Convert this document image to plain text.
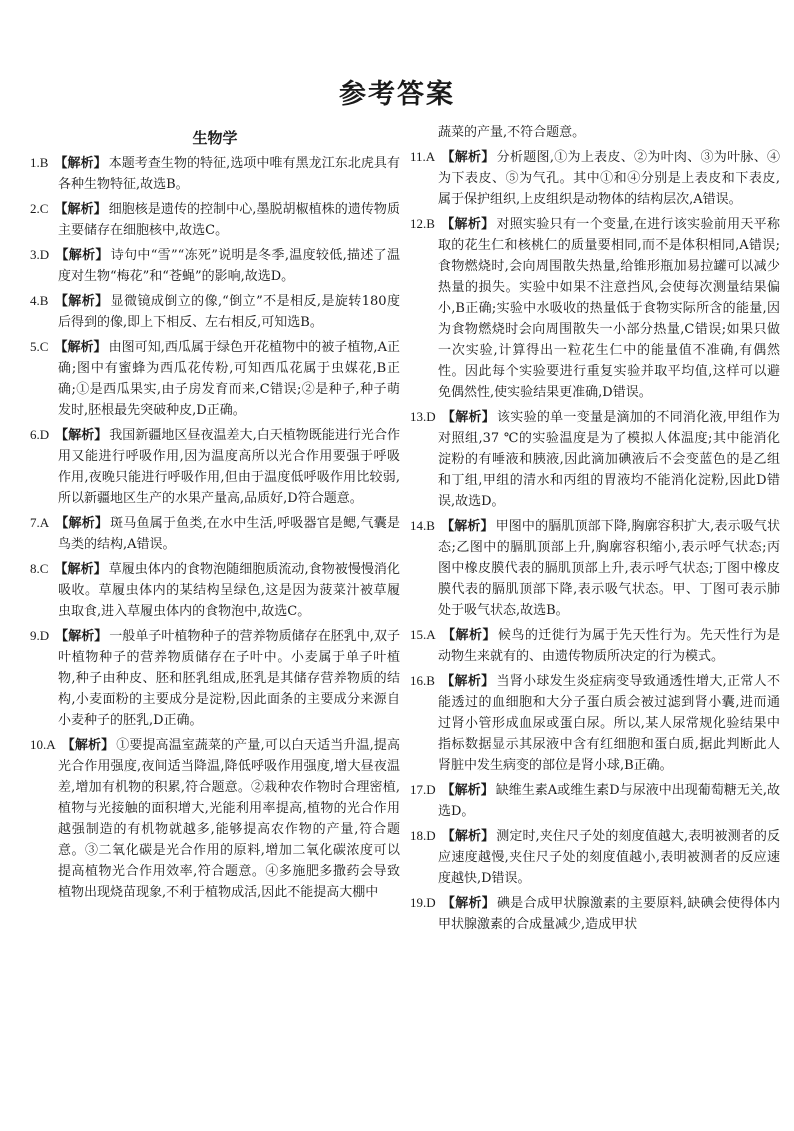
参考答案
生物学
1.B 【解析】 本题考查生物的特征,选项中唯有黑龙江东北虎具有各种生物特征,故选B。
2.C 【解析】 细胞核是遗传的控制中心,墨脱胡椒植株的遗传物质主要储存在细胞核中,故选C。
3.D 【解析】 诗句中“雪”“冻死”说明是冬季,温度较低,描述了温度对生物“梅花”和“苍蝇”的影响,故选D。
4.B 【解析】 显微镜成倒立的像,“倒立”不是相反,是旋转180度后得到的像,即上下相反、左右相反,可知选B。
5.C 【解析】 由图可知,西瓜属于绿色开花植物中的被子植物,A正确;图中有蜜蜂为西瓜花传粉,可知西瓜花属于虫媒花,B正确;①是西瓜果实,由子房发育而来,C错误;②是种子,种子萌发时,胚根最先突破种皮,D正确。
6.D 【解析】 我国新疆地区昼夜温差大,白天植物既能进行光合作用又能进行呼吸作用,因为温度高所以光合作用要强于呼吸作用,夜晚只能进行呼吸作用,但由于温度低呼吸作用比较弱,所以新疆地区生产的水果产量高,品质好,D符合题意。
7.A 【解析】 斑马鱼属于鱼类,在水中生活,呼吸器官是鳃,气囊是鸟类的结构,A错误。
8.C 【解析】 草履虫体内的食物泡随细胞质流动,食物被慢慢消化吸收。草履虫体内的某结构呈绿色,这是因为菠菜汁被草履虫取食,进入草履虫体内的食物泡中,故选C。
9.D 【解析】 一般单子叶植物种子的营养物质储存在胚乳中,双子叶植物种子的营养物质储存在子叶中。小麦属于单子叶植物,种子由种皮、胚和胚乳组成,胚乳是其储存营养物质的结构,小麦面粉的主要成分是淀粉,因此面条的主要成分来源自小麦种子的胚乳,D正确。
10.A 【解析】 ①要提高温室蔬菜的产量,可以白天适当升温,提高光合作用强度,夜间适当降温,降低呼吸作用强度,增大昼夜温差,增加有机物的积累,符合题意。②栽种农作物时合理密植,植物与光接触的面积增大,光能利用率提高,植物的光合作用越强制造的有机物就越多,能够提高农作物的产量,符合题意。③二氧化碳是光合作用的原料,增加二氧化碳浓度可以提高植物光合作用效率,符合题意。④多施肥多撒药会导致植物出现烧苗现象,不利于植物成活,因此不能提高大棚中
蔬菜的产量,不符合题意。
11.A 【解析】 分析题图,①为上表皮、②为叶肉、③为叶脉、④为下表皮、⑤为气孔。其中①和④分别是上表皮和下表皮,属于保护组织,上皮组织是动物体的结构层次,A错误。
12.B 【解析】 对照实验只有一个变量,在进行该实验前用天平称取的花生仁和核桃仁的质量要相同,而不是体积相同,A错误;食物燃烧时,会向周围散失热量,给锥形瓶加易拉罐可以减少热量的损失。实验中如果不注意挡风,会使每次测量结果偏小,B正确;实验中水吸收的热量低于食物实际所含的能量,因为食物燃烧时会向周围散失一小部分热量,C错误;如果只做一次实验,计算得出一粒花生仁中的能量值不准确,有偶然性。因此每个实验要进行重复实验并取平均值,这样可以避免偶然性,使实验结果更准确,D错误。
13.D 【解析】 该实验的单一变量是滴加的不同消化液,甲组作为对照组,37 ℃的实验温度是为了模拟人体温度;其中能消化淀粉的有唾液和胰液,因此滴加碘液后不会变蓝色的是乙组和丁组,甲组的清水和丙组的胃液均不能消化淀粉,因此D错误,故选D。
14.B 【解析】 甲图中的膈肌顶部下降,胸廓容积扩大,表示吸气状态;乙图中的膈肌顶部上升,胸廓容积缩小,表示呼气状态;丙图中橡皮膜代表的膈肌顶部上升,表示呼气状态;丁图中橡皮膜代表的膈肌顶部下降,表示吸气状态。甲、丁图可表示肺处于吸气状态,故选B。
15.A 【解析】 候鸟的迁徙行为属于先天性行为。先天性行为是动物生来就有的、由遗传物质所决定的行为模式。
16.B 【解析】 当肾小球发生炎症病变导致通透性增大,正常人不能透过的血细胞和大分子蛋白质会被过滤到肾小囊,进而通过肾小管形成血尿或蛋白尿。所以,某人尿常规化验结果中指标数据显示其尿液中含有红细胞和蛋白质,据此判断此人肾脏中发生病变的部位是肾小球,B正确。
17.D 【解析】 缺维生素A或维生素D与尿液中出现葡萄糖无关,故选D。
18.D 【解析】 测定时,夹住尺子处的刻度值越大,表明被测者的反应速度越慢,夹住尺子处的刻度值越小,表明被测者的反应速度越快,D错误。
19.D 【解析】 碘是合成甲状腺激素的主要原料,缺碘会使得体内甲状腺激素的合成量减少,造成甲状
